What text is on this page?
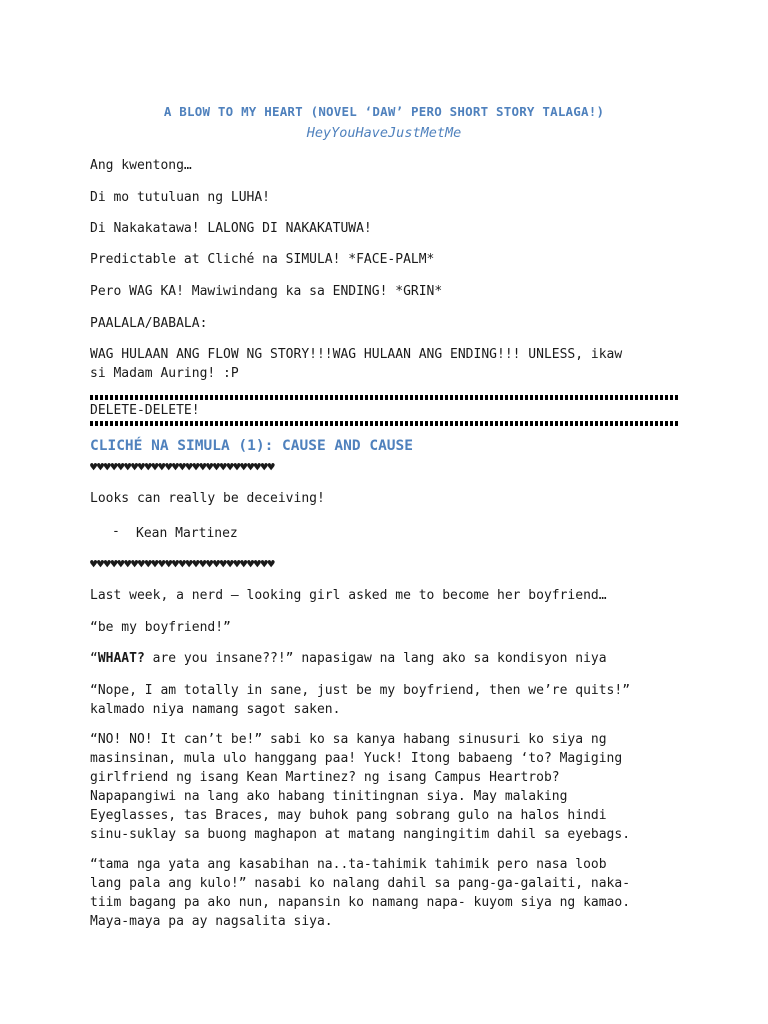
A BLOW TO MY HEART (NOVEL ‘DAW’ PERO SHORT STORY TALAGA!)
HeyYouHaveJustMetMe
Ang kwentong…
Di mo tutuluan ng LUHA!
Di Nakakatawa! LALONG DI NAKAKATUWA!
Predictable at Cliché na SIMULA! *FACE-PALM*
Pero WAG KA! Mawiwindang ka sa ENDING! *GRIN*
PAALALA/BABALA:
WAG HULAAN ANG FLOW NG STORY!!!WAG HULAAN ANG ENDING!!! UNLESS, ikaw
si Madam Auring! :P
DELETE-DELETE!
CLICHÉ NA SIMULA (1): CAUSE AND CAUSE
♥♥♥♥♥♥♥♥♥♥♥♥♥♥♥♥♥♥♥♥♥♥♥♥♥♥♥
Looks can really be deceiving!
- Kean Martinez
♥♥♥♥♥♥♥♥♥♥♥♥♥♥♥♥♥♥♥♥♥♥♥♥♥♥♥
Last week, a nerd – looking girl asked me to become her boyfriend…
“be my boyfriend!”
“WHAAT? are you insane??!” napasigaw na lang ako sa kondisyon niya
“Nope, I am totally in sane, just be my boyfriend, then we’re quits!”
kalmado niya namang sagot saken.
“NO! NO! It can’t be!” sabi ko sa kanya habang sinusuri ko siya ng
masinsinan, mula ulo hanggang paa! Yuck! Itong babaeng ‘to? Magiging
girlfriend ng isang Kean Martinez? ng isang Campus Heartrob?
Napapangiwi na lang ako habang tinitingnan siya. May malaking
Eyeglasses, tas Braces, may buhok pang sobrang gulo na halos hindi
sinu-suklay sa buong maghapon at matang nangingitim dahil sa eyebags.
“tama nga yata ang kasabihan na..ta-tahimik tahimik pero nasa loob
lang pala ang kulo!” nasabi ko nalang dahil sa pang-ga-galaiti, naka-
tiim bagang pa ako nun, napansin ko namang napa- kuyom siya ng kamao.
Maya-maya pa ay nagsalita siya.
